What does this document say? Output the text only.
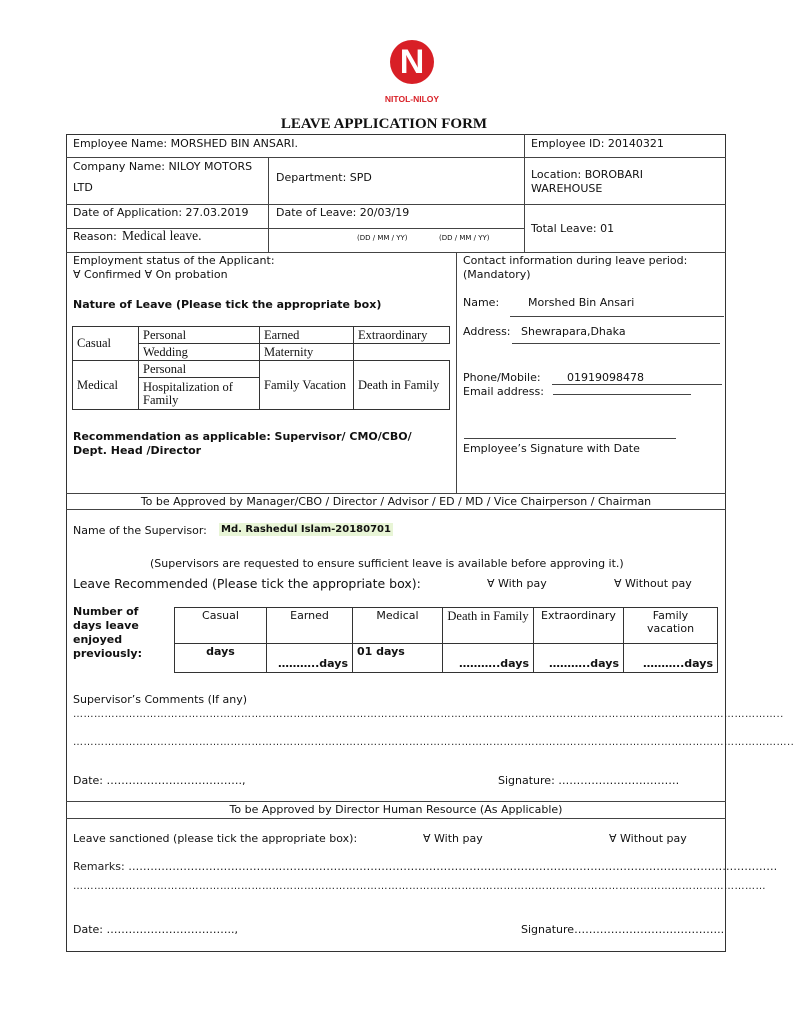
N
NITOL-NILOY
LEAVE APPLICATION FORM
Employee Name: MORSHED BIN ANSARI.	Employee ID: 20140321
Company Name: NILOY MOTORS
LTD
Department: SPD	Location: BOROBARI
WAREHOUSE
Date of Application: 27.03.2019 Date of Leave: 20/03/19
Total Leave: 01
Reason: Medical leave.	(DD / MM / YY)	(DD / MM / YY)
Employment status of the Applicant:
∀ Confirmed ∀ On probation
Nature of Leave (Please tick the appropriate box)
Casual	Personal	Earned	Extraordinary
	Wedding	Maternity	
Medical	Personal	Family Vacation	Death in Family
	Hospitalization of Family		
Recommendation as applicable: Supervisor/ CMO/CBO/
Dept. Head /Director
Contact information during leave period:
(Mandatory)
Name:	Morshed Bin Ansari
Address: Shewrapara,Dhaka
Phone/Mobile: 01919098478
Email address:
Employee’s Signature with Date
To be Approved by Manager/CBO / Director / Advisor / ED / MD / Vice Chairperson / Chairman
Name of the Supervisor: Md. Rashedul Islam-20180701
(Supervisors are requested to ensure sufficient leave is available before approving it.)
Leave Recommended (Please tick the appropriate box):	∀ With pay	∀ Without pay
Number of
days leave
enjoyed
previously:
Casual	Earned	Medical	Death in Family	Extraordinary	Family vacation
days	………..days	01 days	………..days	………..days	………..days
Supervisor’s Comments (If any)
…………………………………………………………………………………………………………………………………………………………………………………..
……………………………………………………………………………………………………………………………………………………………………………………..
Date: ……………………………….,	Signature: ……………………………
To be Approved by Director Human Resource (As Applicable)
Leave sanctioned (please tick the appropriate box):	∀ With pay	∀ Without pay
Remarks: ……………………………………………………………………………………………………………………………………………………………
………………………………………………………………………………………………………………………………………………………………………………
Date: ……………………………..,	Signature…………………………………..
